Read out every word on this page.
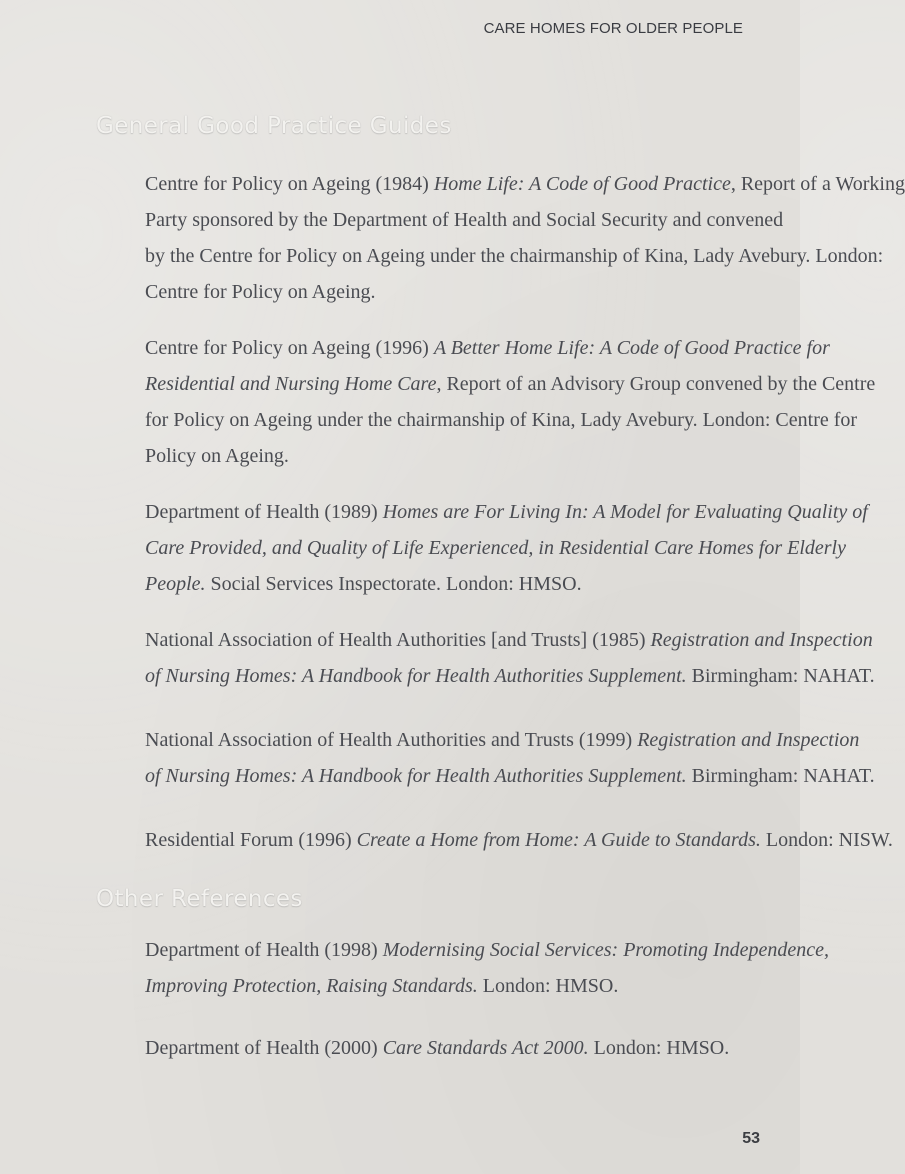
CARE HOMES FOR OLDER PEOPLE
General Good Practice Guides
Centre for Policy on Ageing (1984) Home Life: A Code of Good Practice, Report of a Working
Party sponsored by the Department of Health and Social Security and convened
by the Centre for Policy on Ageing under the chairmanship of Kina, Lady Avebury. London:
Centre for Policy on Ageing.
Centre for Policy on Ageing (1996) A Better Home Life: A Code of Good Practice for
Residential and Nursing Home Care, Report of an Advisory Group convened by the Centre
for Policy on Ageing under the chairmanship of Kina, Lady Avebury. London: Centre for
Policy on Ageing.
Department of Health (1989) Homes are For Living In: A Model for Evaluating Quality of
Care Provided, and Quality of Life Experienced, in Residential Care Homes for Elderly
People. Social Services Inspectorate. London: HMSO.
National Association of Health Authorities [and Trusts] (1985) Registration and Inspection
of Nursing Homes: A Handbook for Health Authorities Supplement. Birmingham: NAHAT.
National Association of Health Authorities and Trusts (1999) Registration and Inspection
of Nursing Homes: A Handbook for Health Authorities Supplement. Birmingham: NAHAT.
Residential Forum (1996) Create a Home from Home: A Guide to Standards. London: NISW.
Other References
Department of Health (1998) Modernising Social Services: Promoting Independence,
Improving Protection, Raising Standards. London: HMSO.
Department of Health (2000) Care Standards Act 2000. London: HMSO.
53
